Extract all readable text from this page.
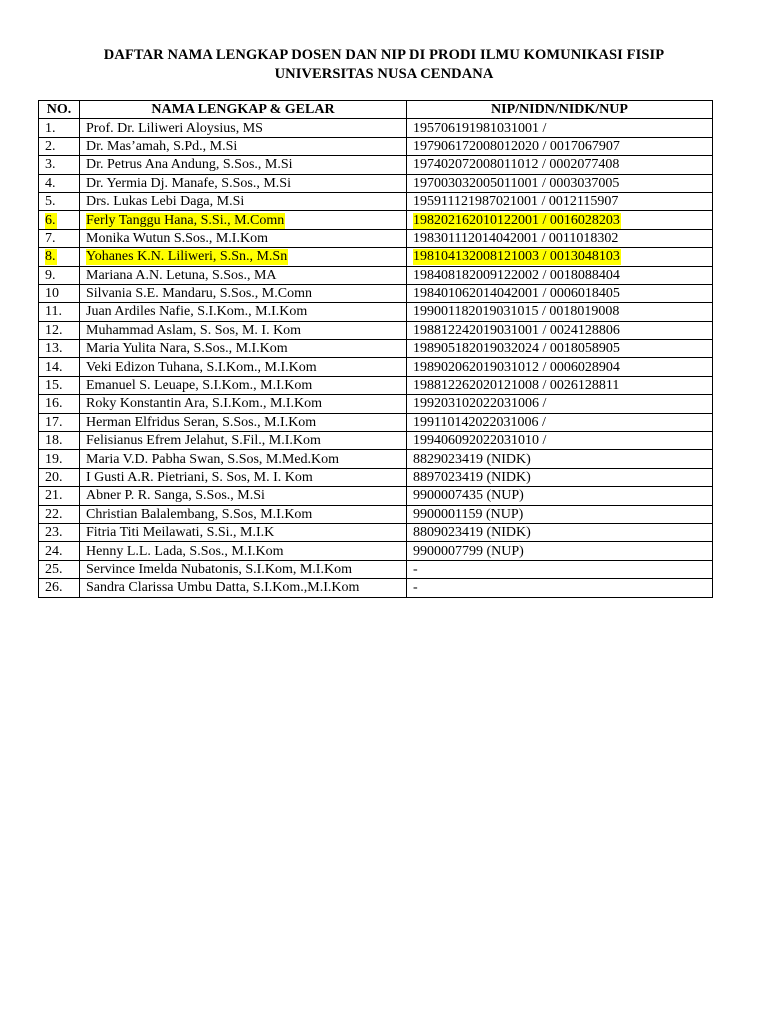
DAFTAR NAMA LENGKAP DOSEN DAN NIP DI PRODI ILMU KOMUNIKASI FISIP
UNIVERSITAS NUSA CENDANA
NO.	NAMA LENGKAP & GELAR	NIP/NIDN/NIDK/NUP
1.	Prof. Dr. Liliweri Aloysius, MS	195706191981031001 /
2.	Dr. Mas’amah, S.Pd., M.Si	197906172008012020 / 0017067907
3.	Dr. Petrus Ana Andung, S.Sos., M.Si	197402072008011012 / 0002077408
4.	Dr. Yermia Dj. Manafe, S.Sos., M.Si	197003032005011001 / 0003037005
5.	Drs. Lukas Lebi Daga, M.Si	195911121987021001 / 0012115907
6.	Ferly Tanggu Hana, S.Si., M.Comn	198202162010122001 / 0016028203
7.	Monika Wutun S.Sos., M.I.Kom	198301112014042001 / 0011018302
8.	Yohanes K.N. Liliweri, S.Sn., M.Sn	198104132008121003 / 0013048103
9.	Mariana A.N. Letuna, S.Sos., MA	198408182009122002 / 0018088404
10	Silvania S.E. Mandaru, S.Sos., M.Comn	198401062014042001 / 0006018405
11.	Juan Ardiles Nafie, S.I.Kom., M.I.Kom	199001182019031015 / 0018019008
12.	Muhammad Aslam, S. Sos, M. I. Kom	198812242019031001 / 0024128806
13.	Maria Yulita Nara, S.Sos., M.I.Kom	198905182019032024 / 0018058905
14.	Veki Edizon Tuhana, S.I.Kom., M.I.Kom	198902062019031012 / 0006028904
15.	Emanuel S. Leuape, S.I.Kom., M.I.Kom	198812262020121008 / 0026128811
16.	Roky Konstantin Ara, S.I.Kom., M.I.Kom	199203102022031006 /
17.	Herman Elfridus Seran, S.Sos., M.I.Kom	199110142022031006 /
18.	Felisianus Efrem Jelahut, S.Fil., M.I.Kom	199406092022031010 /
19.	Maria V.D. Pabha Swan, S.Sos, M.Med.Kom	8829023419 (NIDK)
20.	I Gusti A.R. Pietriani, S. Sos, M. I. Kom	8897023419 (NIDK)
21.	Abner P. R. Sanga, S.Sos., M.Si	9900007435 (NUP)
22.	Christian Balalembang, S.Sos, M.I.Kom	9900001159 (NUP)
23.	Fitria Titi Meilawati, S.Si., M.I.K	8809023419 (NIDK)
24.	Henny L.L. Lada, S.Sos., M.I.Kom	9900007799 (NUP)
25.	Servince Imelda Nubatonis, S.I.Kom, M.I.Kom	-
26.	Sandra Clarissa Umbu Datta, S.I.Kom.,M.I.Kom	-
